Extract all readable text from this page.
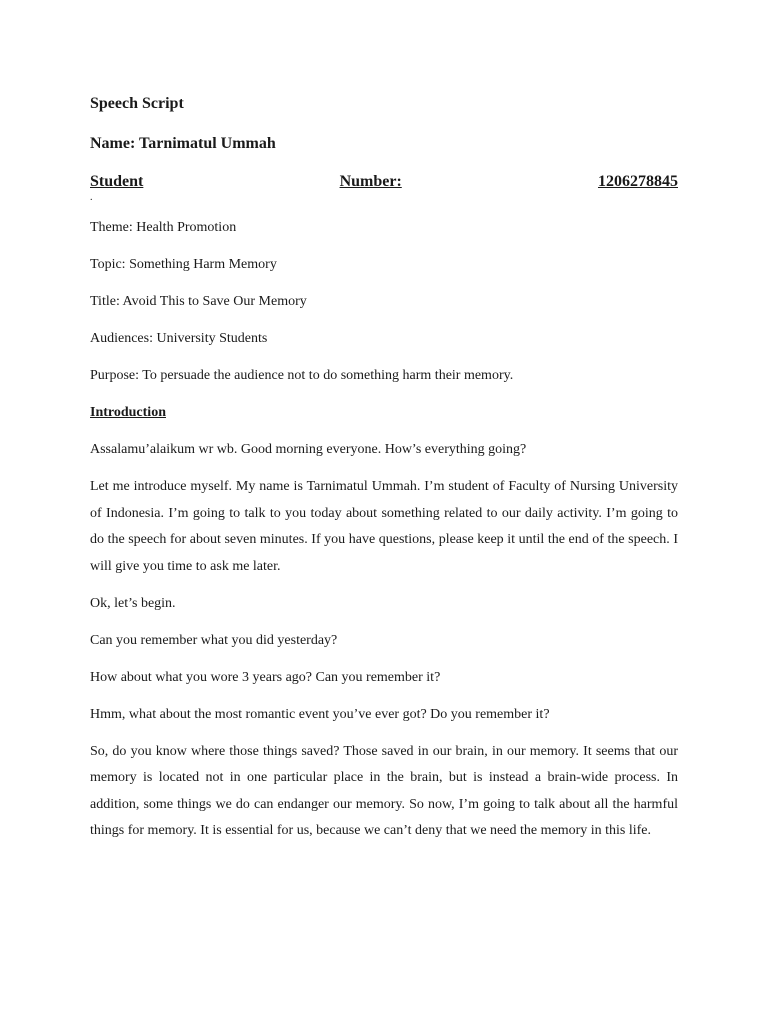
Speech Script

Name: Tarnimatul Ummah

Student	Number:	1206278845
.

Theme: Health Promotion

Topic: Something Harm Memory

Title: Avoid This to Save Our Memory

Audiences: University Students

Purpose: To persuade the audience not to do something harm their memory.

Introduction

Assalamu’alaikum wr wb. Good morning everyone. How’s everything going?

Let me introduce myself. My name is Tarnimatul Ummah. I’m student of Faculty of Nursing University of Indonesia. I’m going to talk to you today about something related to our daily activity. I’m going to do the speech for about seven minutes. If you have questions, please keep it until the end of the speech. I will give you time to ask me later.

Ok, let’s begin.

Can you remember what you did yesterday?

How about what you wore 3 years ago? Can you remember it?

Hmm, what about the most romantic event you’ve ever got? Do you remember it?

So, do you know where those things saved? Those saved in our brain, in our memory. It seems that our memory is located not in one particular place in the brain, but is instead a brain-wide process. In addition, some things we do can endanger our memory. So now, I’m going to talk about all the harmful things for memory. It is essential for us, because we can’t deny that we need the memory in this life.
